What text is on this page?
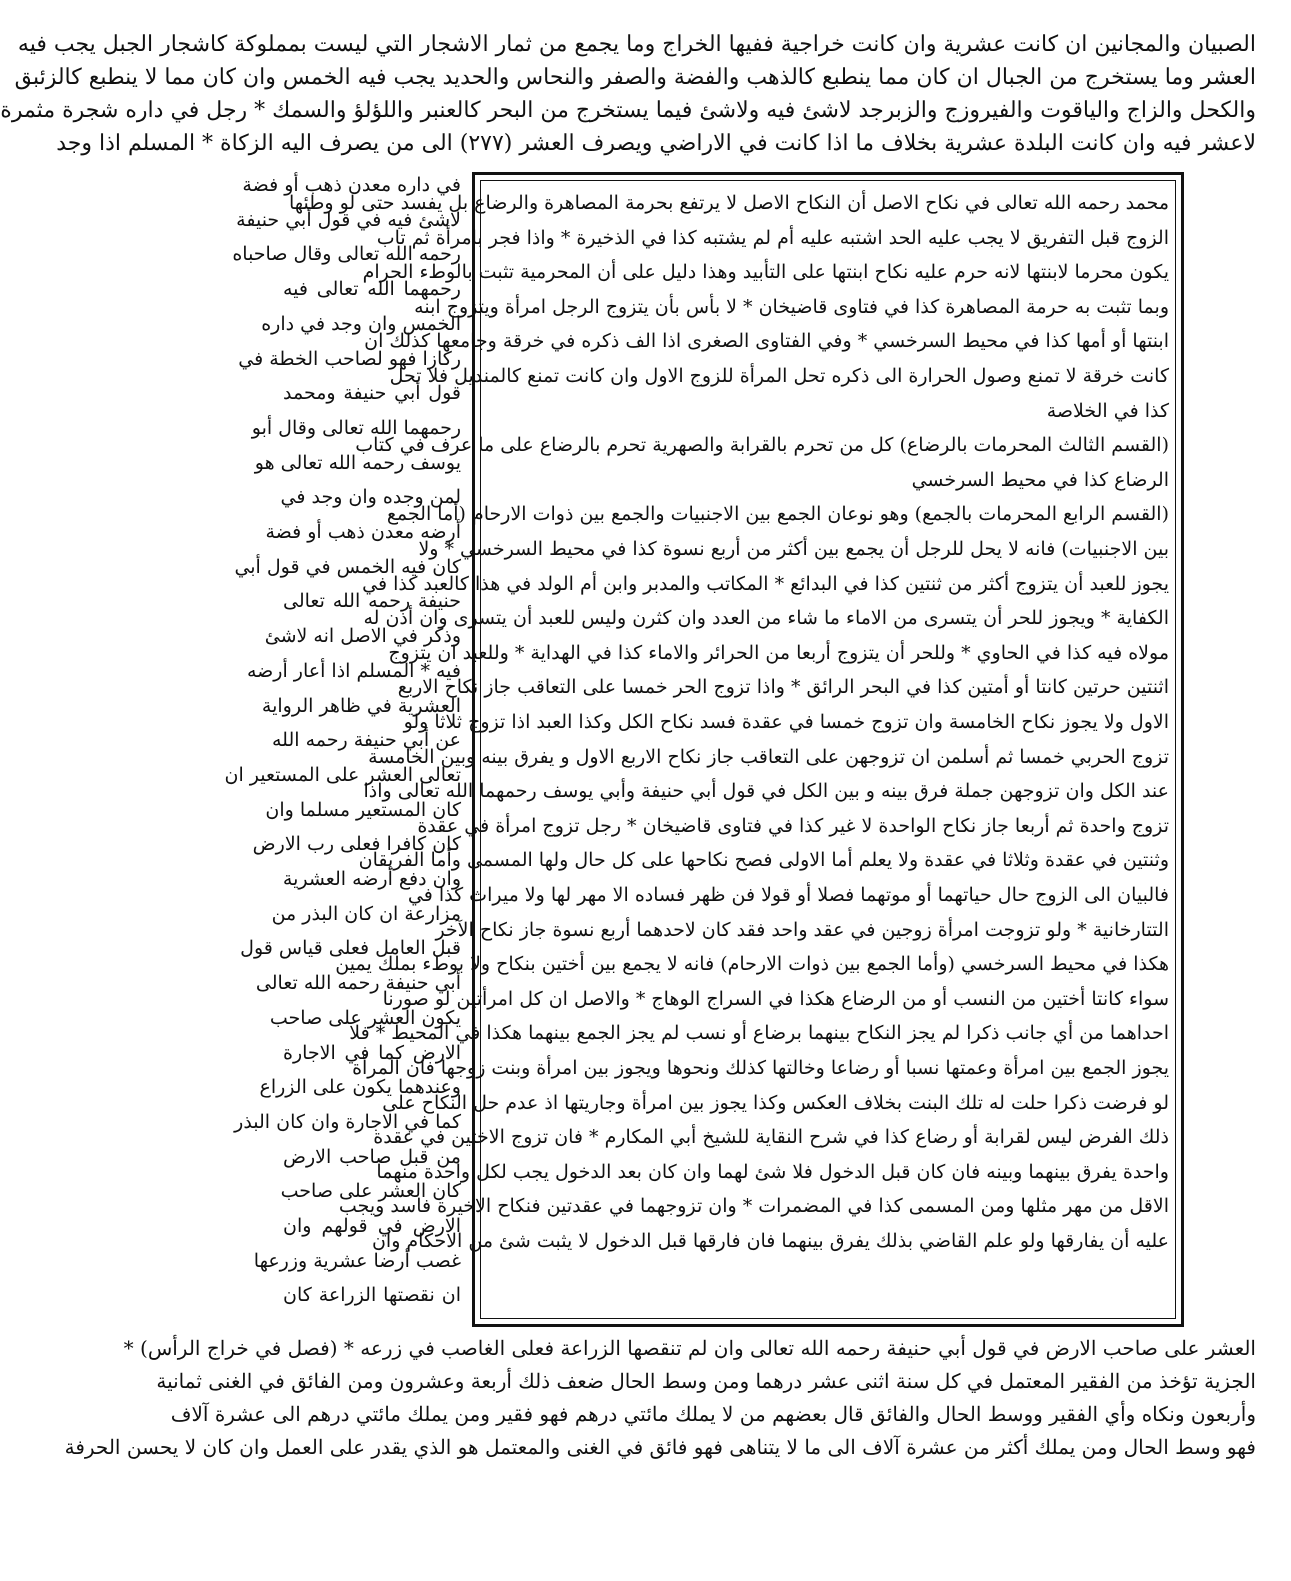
الصبيان والمجانين ان كانت عشرية وان كانت خراجية ففيها الخراج وما يجمع من ثمار الاشجار التي ليست بمملوكة كاشجار الجبل يجب فيه
العشر وما يستخرج من الجبال ان كان مما ينطبع كالذهب والفضة والصفر والنحاس والحديد يجب فيه الخمس وان كان مما لا ينطبع كالزئبق
والكحل والزاج والياقوت والفيروزج والزبرجد لاشئ فيه ولاشئ فيما يستخرج من البحر كالعنبر واللؤلؤ والسمك * رجل في داره شجرة مثمرة
لاعشر فيه وان كانت البلدة عشرية بخلاف ما اذا كانت في الاراضي ويصرف العشر (٢٧٧) الى من يصرف اليه الزكاة * المسلم اذا وجد
محمد رحمه الله تعالى في نكاح الاصل أن النكاح الاصل لا يرتفع بحرمة المصاهرة والرضاع بل يفسد حتى لو وطئها
الزوج قبل التفريق لا يجب عليه الحد اشتبه عليه أم لم يشتبه كذا في الذخيرة * واذا فجر بامرأة ثم تاب
يكون محرما لابنتها لانه حرم عليه نكاح ابنتها على التأبيد وهذا دليل على أن المحرمية تثبت بالوطء الحرام
وبما تثبت به حرمة المصاهرة كذا في فتاوى قاضيخان * لا بأس بأن يتزوج الرجل امرأة ويتزوج ابنه
ابنتها أو أمها كذا في محيط السرخسي * وفي الفتاوى الصغرى اذا الف ذكره في خرقة وجامعها كذلك ان
كانت خرقة لا تمنع وصول الحرارة الى ذكره تحل المرأة للزوج الاول وان كانت تمنع كالمنديل فلا تحل
كذا في الخلاصة
(القسم الثالث المحرمات بالرضاع) كل من تحرم بالقرابة والصهرية تحرم بالرضاع على ما عرف في كتاب
الرضاع كذا في محيط السرخسي
(القسم الرابع المحرمات بالجمع) وهو نوعان الجمع بين الاجنبيات والجمع بين ذوات الارحام (أما الجمع
بين الاجنبيات) فانه لا يحل للرجل أن يجمع بين أكثر من أربع نسوة كذا في محيط السرخسي * ولا
يجوز للعبد أن يتزوج أكثر من ثنتين كذا في البدائع * المكاتب والمدبر وابن أم الولد في هذا كالعبد كذا في
الكفاية * ويجوز للحر أن يتسرى من الاماء ما شاء من العدد وان كثرن وليس للعبد أن يتسرى وان أذن له
مولاه فيه كذا في الحاوي * وللحر أن يتزوج أربعا من الحرائر والاماء كذا في الهداية * وللعبد ان يتزوج
اثنتين حرتين كانتا أو أمتين كذا في البحر الرائق * واذا تزوج الحر خمسا على التعاقب جاز نكاح الاربع
الاول ولا يجوز نكاح الخامسة وان تزوج خمسا في عقدة فسد نكاح الكل وكذا العبد اذا تزوج ثلاثا ولو
تزوج الحربي خمسا ثم أسلمن ان تزوجهن على التعاقب جاز نكاح الاربع الاول و يفرق بينه وبين الخامسة
عند الكل وان تزوجهن جملة فرق بينه و بين الكل في قول أبي حنيفة وأبي يوسف رحمهما الله تعالى واذا
تزوج واحدة ثم أربعا جاز نكاح الواحدة لا غير كذا في فتاوى قاضيخان * رجل تزوج امرأة في عقدة
وثنتين في عقدة وثلاثا في عقدة ولا يعلم أما الاولى فصح نكاحها على كل حال ولها المسمى وأما الفريقان
فالبيان الى الزوج حال حياتهما أو موتهما فصلا أو قولا فن ظهر فساده الا مهر لها ولا ميراث كذا في
التتارخانية * ولو تزوجت امرأة زوجين في عقد واحد فقد كان لاحدهما أربع نسوة جاز نكاح الآخر
هكذا في محيط السرخسي (وأما الجمع بين ذوات الارحام) فانه لا يجمع بين أختين بنكاح ولا بوطء بملك يمين
سواء كانتا أختين من النسب أو من الرضاع هكذا في السراج الوهاج * والاصل ان كل امرأتين لو صورنا
احداهما من أي جانب ذكرا لم يجز النكاح بينهما برضاع أو نسب لم يجز الجمع بينهما هكذا في المحيط * فلا
يجوز الجمع بين امرأة وعمتها نسبا أو رضاعا وخالتها كذلك ونحوها ويجوز بين امرأة وبنت زوجها فان المرأة
لو فرضت ذكرا حلت له تلك البنت بخلاف العكس وكذا يجوز بين امرأة وجاريتها اذ عدم حل النكاح على
ذلك الفرض ليس لقرابة أو رضاع كذا في شرح النقاية للشيخ أبي المكارم * فان تزوج الاختين في عقدة
واحدة يفرق بينهما وبينه فان كان قبل الدخول فلا شئ لهما وان كان بعد الدخول يجب لكل واحدة منهما
الاقل من مهر مثلها ومن المسمى كذا في المضمرات * وان تزوجهما في عقدتين فنكاح الاخيرة فاسد ويجب
عليه أن يفارقها ولو علم القاضي بذلك يفرق بينهما فان فارقها قبل الدخول لا يثبت شئ من الاحكام وان
في داره معدن ذهب أو فضة
لاشئ فيه في قول أبي حنيفة
رحمه الله تعالى وقال صاحباه
رحمهما الله تعالى فيه
الخمس وان وجد في داره
ركازا فهو لصاحب الخطة في
قول أبي حنيفة ومحمد
رحمهما الله تعالى وقال أبو
يوسف رحمه الله تعالى هو
لمن وجده وان وجد في
أرضه معدن ذهب أو فضة
كان فيه الخمس في قول أبي
حنيفة رحمه الله تعالى
وذكر في الاصل انه لاشئ
فيه * المسلم اذا أعار أرضه
العشرية في ظاهر الرواية
عن أبي حنيفة رحمه الله
تعالى العشر على المستعير ان
كان المستعير مسلما وان
كان كافرا فعلى رب الارض
وان دفع أرضه العشرية
مزارعة ان كان البذر من
قبل العامل فعلى قياس قول
أبي حنيفة رحمه الله تعالى
يكون العشر على صاحب
الارض كما في الاجارة
وعندهما يكون على الزراع
كما في الاجارة وان كان البذر
من قبل صاحب الارض
كان العشر على صاحب
الارض في قولهم وان
غصب أرضا عشرية وزرعها
ان نقصتها الزراعة كان
العشر على صاحب الارض في قول أبي حنيفة رحمه الله تعالى وان لم تنقصها الزراعة فعلى الغاصب في زرعه * (فصل في خراج الرأس) *
الجزية تؤخذ من الفقير المعتمل في كل سنة اثنى عشر درهما ومن وسط الحال ضعف ذلك أربعة وعشرون ومن الفائق في الغنى ثمانية
وأربعون ونكاه وأي الفقير ووسط الحال والفائق قال بعضهم من لا يملك مائتي درهم فهو فقير ومن يملك مائتي درهم الى عشرة آلاف
فهو وسط الحال ومن يملك أكثر من عشرة آلاف الى ما لا يتناهى فهو فائق في الغنى والمعتمل هو الذي يقدر على العمل وان كان لا يحسن الحرفة
